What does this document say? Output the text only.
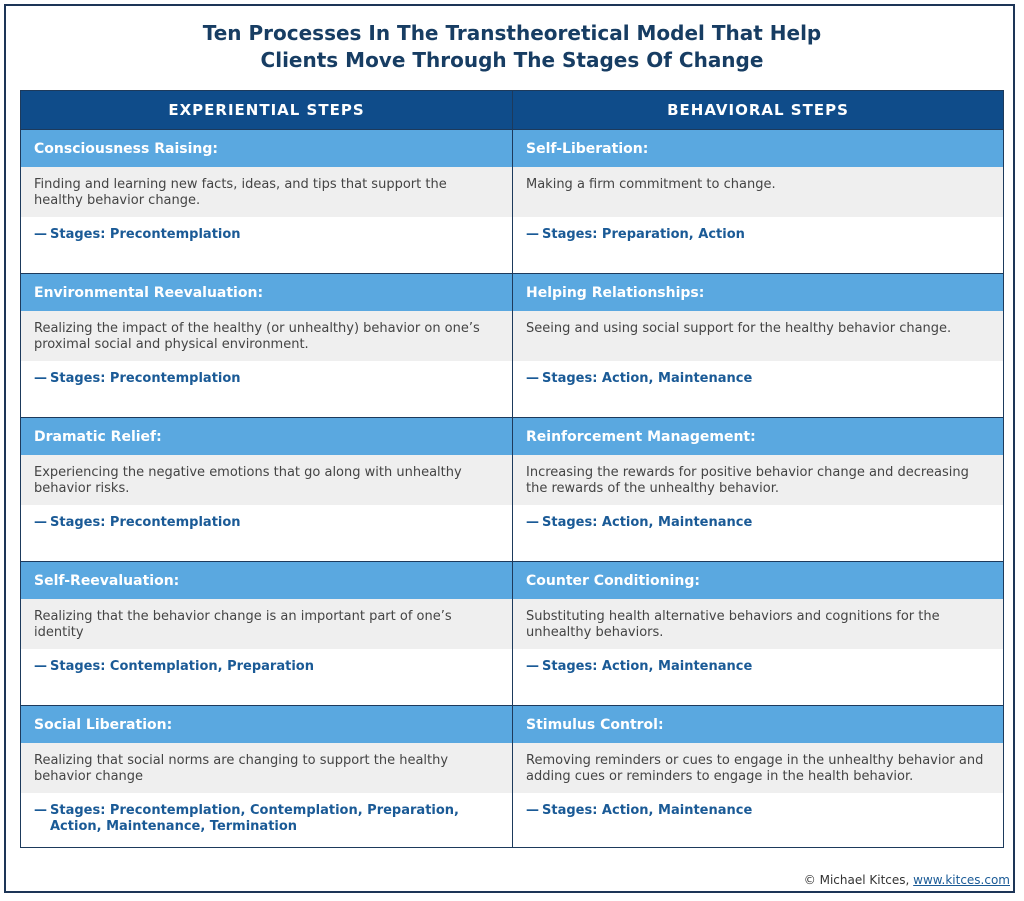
Ten Processes In The Transtheoretical Model That Help
Clients Move Through The Stages Of Change
EXPERIENTIAL STEPS
Consciousness Raising:
Finding and learning new facts, ideas, and tips that support the healthy behavior change.
— Stages: Precontemplation
Environmental Reevaluation:
Realizing the impact of the healthy (or unhealthy) behavior on one’s proximal social and physical environment.
— Stages: Precontemplation
Dramatic Relief:
Experiencing the negative emotions that go along with unhealthy behavior risks.
— Stages: Precontemplation
Self-Reevaluation:
Realizing that the behavior change is an important part of one’s identity
— Stages: Contemplation, Preparation
Social Liberation:
Realizing that social norms are changing to support the healthy behavior change
— Stages: Precontemplation, Contemplation, Preparation, Action, Maintenance, Termination
BEHAVIORAL STEPS
Self-Liberation:
Making a firm commitment to change.
— Stages: Preparation, Action
Helping Relationships:
Seeing and using social support for the healthy behavior change.
— Stages: Action, Maintenance
Reinforcement Management:
Increasing the rewards for positive behavior change and decreasing the rewards of the unhealthy behavior.
— Stages: Action, Maintenance
Counter Conditioning:
Substituting health alternative behaviors and cognitions for the unhealthy behaviors.
— Stages: Action, Maintenance
Stimulus Control:
Removing reminders or cues to engage in the unhealthy behavior and adding cues or reminders to engage in the health behavior.
— Stages: Action, Maintenance
© Michael Kitces, www.kitces.com
